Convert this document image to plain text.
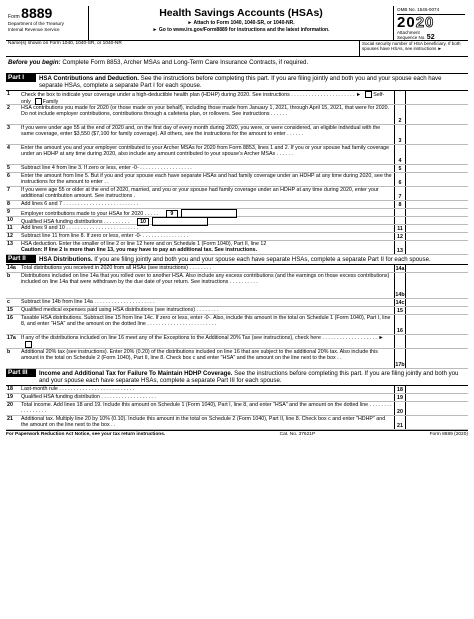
Form 8889
Department of the Treasury
Internal Revenue Service
Health Savings Accounts (HSAs)
► Attach to Form 1040, 1040-SR, or 1040-NR.
► Go to www.irs.gov/Form8889 for instructions and the latest information.
OMB No. 1545-0074
2020
Attachment
Sequence No. 52
Name(s) shown on Form 1040, 1040-SR, or 1040-NR	Social security number of HSA beneficiary. If both spouses have HSAs, see instructions ►
Before you begin: Complete Form 8853, Archer MSAs and Long-Term Care Insurance Contracts, if required.
Part I	HSA Contributions and Deduction. See the instructions before completing this part. If you are filing jointly and both you and your spouse each have separate HSAs, complete a separate Part I for each spouse.
1	Check the box to indicate your coverage under a high-deductible health plan (HDHP) during 2020. See instructions . . . . . . . . . . . . . . . . . . . . . . ► Self-only Family
2	HSA contributions you made for 2020 (or those made on your behalf), including those made from January 1, 2021, through April 15, 2021, that were for 2020. Do not include employer contributions, contributions through a cafeteria plan, or rollovers. See instructions . . . . . .
2
3	If you were under age 55 at the end of 2020 and, on the first day of every month during 2020, you were, or were considered, an eligible individual with the same coverage, enter $3,550 ($7,100 for family coverage). All others, see the instructions for the amount to enter . . . . . .
3
4	Enter the amount you and your employer contributed to your Archer MSAs for 2020 from Form 8853, lines 1 and 2. If you or your spouse had family coverage under an HDHP at any time during 2020, also include any amount contributed to your spouse's Archer MSAs . . . . . .
4
5	Subtract line 4 from line 3. If zero or less, enter -0- . . . . . . . . . . . . . . . . . .	5
6	Enter the amount from line 5. But if you and your spouse each have separate HSAs and had family coverage under an HDHP at any time during 2020, see the instructions for the amount to enter . .	6
7	If you were age 55 or older at the end of 2020, married, and you or your spouse had family coverage under an HDHP at any time during 2020, enter your additional contribution amount. See instructions .	7
8	Add lines 6 and 7 . . . . . . . . . . . . . . . . . . . . . . . . . .	8
9	Employer contributions made to your HSAs for 2020 . . . . . 9
10	Qualified HSA funding distributions . . . . . . . . . 10
11	Add lines 9 and 10 . . . . . . . . . . . . . . . . . . . . . . . . .	11
12	Subtract line 11 from line 8. If zero or less, enter -0- . . . . . . . . . . . . . . . .	12
13	HSA deduction. Enter the smaller of line 2 or line 12 here and on Schedule 1 (Form 1040), Part II, line 12
Caution: If line 2 is more than line 13, you may have to pay an additional tax. See instructions.	13
Part II	HSA Distributions. If you are filing jointly and both you and your spouse each have separate HSAs, complete a separate Part II for each spouse.
14a Total distributions you received in 2020 from all HSAs (see instructions) . . . . . . . .	14a
b	Distributions included on line 14a that you rolled over to another HSA. Also include any excess contributions (and the earnings on those excess contributions) included on line 14a that were withdrawn by the due date of your return. See instructions . . . . . . . . . .
14b
c	Subtract line 14b from line 14a . . . . . . . . . . . . . . . . . . . . .	14c
15	Qualified medical expenses paid using HSA distributions (see instructions) . . . . . . . .	15
16	Taxable HSA distributions. Subtract line 15 from line 14c. If zero or less, enter -0-. Also, include this amount in the total on Schedule 1 (Form 1040), Part I, line 8, and enter "HSA" and the amount on the dotted line . . . . . . . . . . . . . . . . . . . . . . . .
16
17a If any of the distributions included on line 16 meet any of the Exceptions to the Additional 20% Tax (see instructions), check here . . . . . . . . . . . . . . . . . . . ►
b	Additional 20% tax (see instructions). Enter 20% (0.20) of the distributions included on line 16 that are subject to the additional 20% tax. Also include this amount in the total on Schedule 2 (Form 1040), Part II, line 8. Check box c and enter "HSA" and the amount on the line next to the box . .
17b
Part III	Income and Additional Tax for Failure To Maintain HDHP Coverage. See the instructions before completing this part. If you are filing jointly and both you and your spouse each have separate HSAs, complete a separate Part III for each spouse.
18	Last-month rule . . . . . . . . . . . . . . . . . . . . . . . . . .	18
19	Qualified HSA funding distribution . . . . . . . . . . . . . . . . . . .	19
20	Total income. Add lines 18 and 19. Include this amount on Schedule 1 (Form 1040), Part I, line 8, and enter "HSA" and the amount on the dotted line . . . . . . . . . . . . . . . . .	20
21	Additional tax. Multiply line 20 by 10% (0.10). Include this amount in the total on Schedule 2 (Form 1040), Part II, line 8. Check box c and enter "HDHP" and the amount on the line next to the box . .	21
For Paperwork Reduction Act Notice, see your tax return instructions.	Cat. No. 37621P	Form 8889 (2020)
